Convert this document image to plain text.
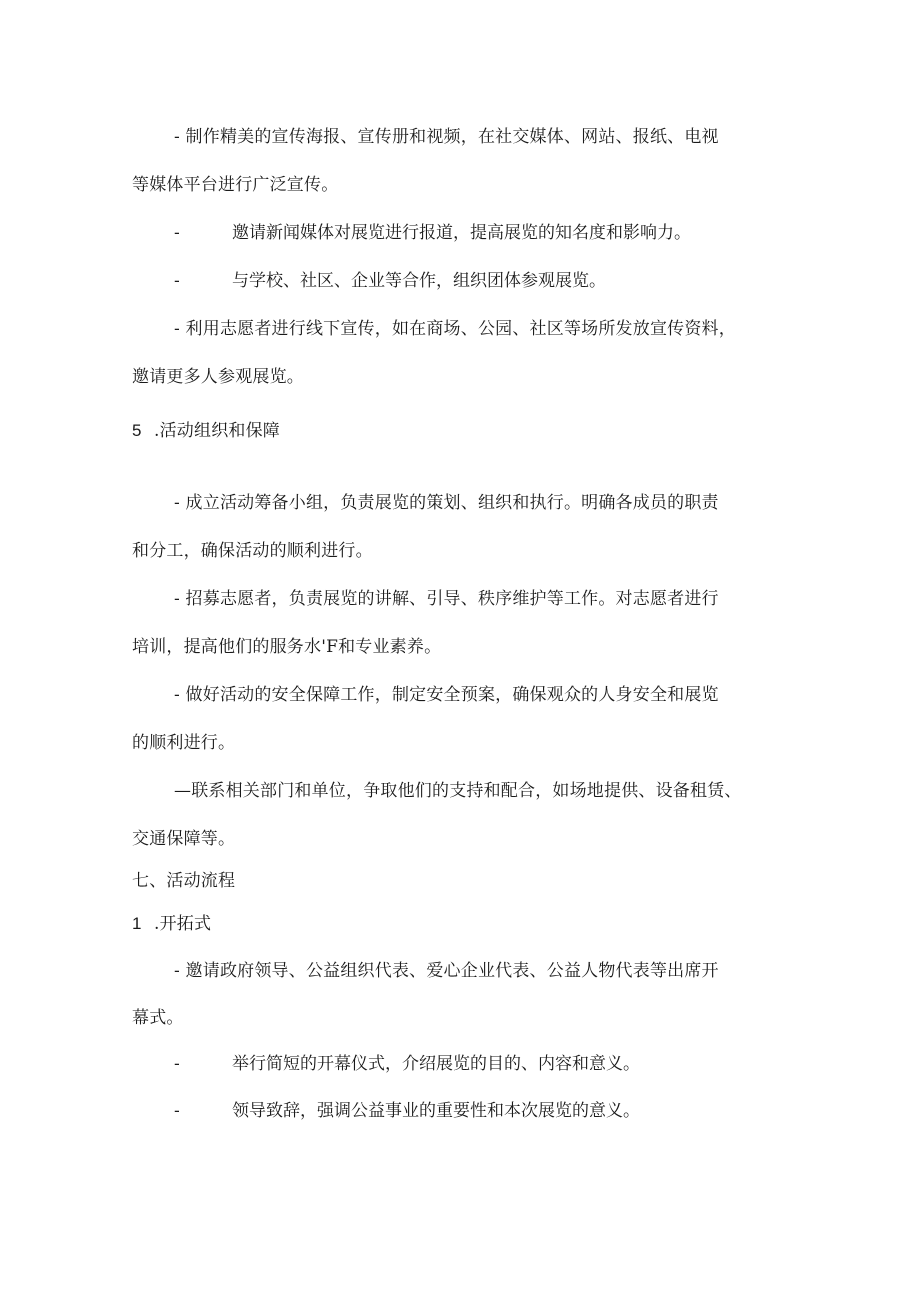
- 制作精美的宣传海报、宣传册和视频，在社交媒体、网站、报纸、电视
等媒体平台进行广泛宣传。
-	邀请新闻媒体对展览进行报道，提高展览的知名度和影响力。
-	与学校、社区、企业等合作，组织团体参观展览。
- 利用志愿者进行线下宣传，如在商场、公园、社区等场所发放宣传资料，
邀请更多人参观展览。
5 .活动组织和保障
- 成立活动筹备小组，负责展览的策划、组织和执行。明确各成员的职责
和分工，确保活动的顺利进行。
- 招募志愿者，负责展览的讲解、引导、秩序维护等工作。对志愿者进行
培训，提高他们的服务水'F和专业素养。
- 做好活动的安全保障工作，制定安全预案，确保观众的人身安全和展览
的顺利进行。
—联系相关部门和单位，争取他们的支持和配合，如场地提供、设备租赁、
交通保障等。
七、活动流程
1 .开拓式
- 邀请政府领导、公益组织代表、爱心企业代表、公益人物代表等出席开
幕式。
-	举行简短的开幕仪式，介绍展览的目的、内容和意义。
-	领导致辞，强调公益事业的重要性和本次展览的意义。
